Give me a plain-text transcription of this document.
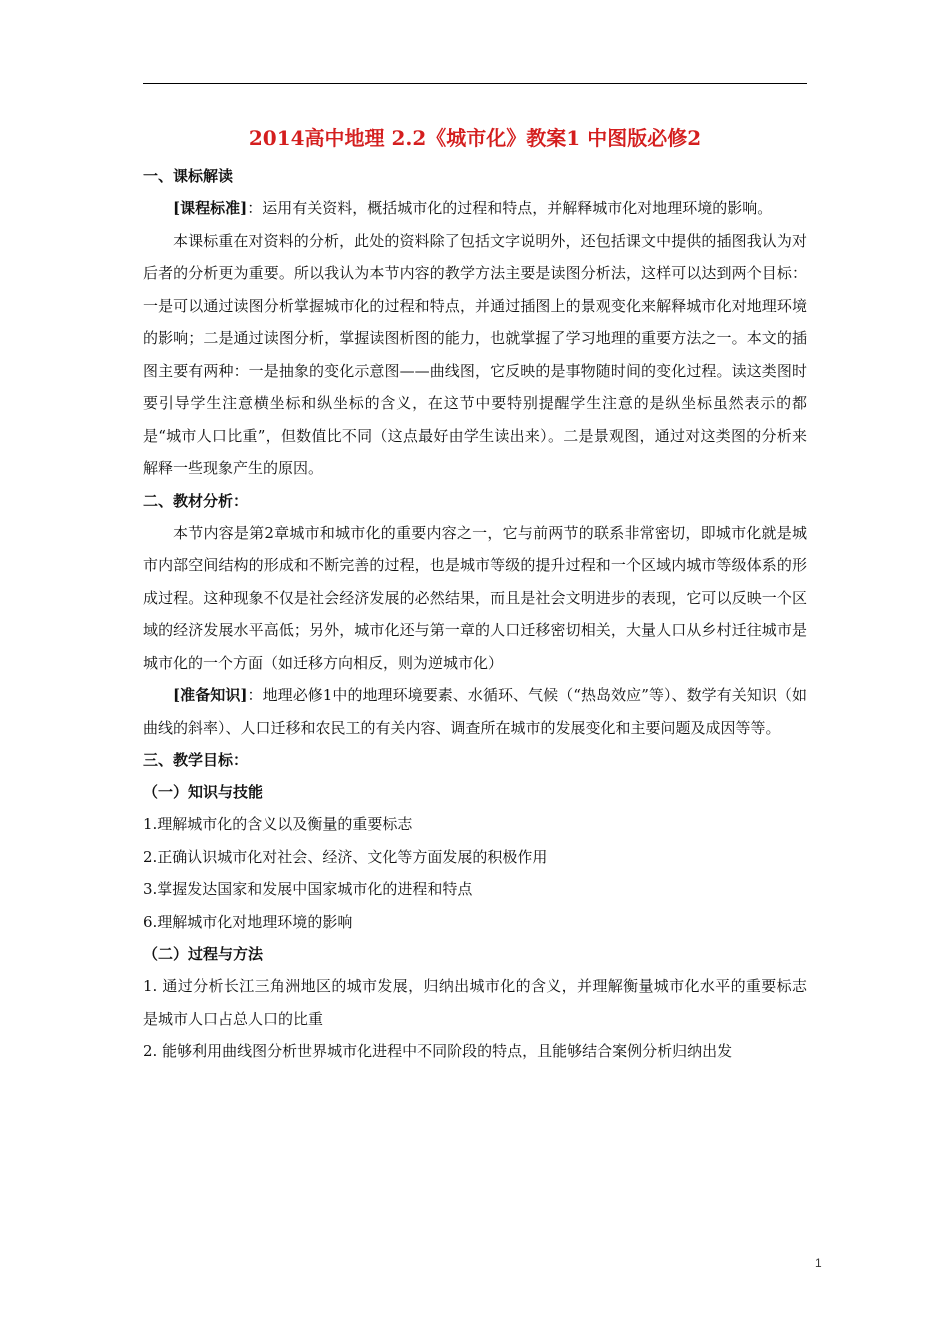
2014高中地理 2.2《城市化》教案1 中图版必修2
一、课标解读

[课程标准]：运用有关资料，概括城市化的过程和特点，并解释城市化对地理环境的影响。

本课标重在对资料的分析，此处的资料除了包括文字说明外，还包括课文中提供的插图我认为对后者的分析更为重要。所以我认为本节内容的教学方法主要是读图分析法，这样可以达到两个目标：一是可以通过读图分析掌握城市化的过程和特点，并通过插图上的景观变化来解释城市化对地理环境的影响；二是通过读图分析，掌握读图析图的能力，也就掌握了学习地理的重要方法之一。本文的插图主要有两种：一是抽象的变化示意图——曲线图，它反映的是事物随时间的变化过程。读这类图时要引导学生注意横坐标和纵坐标的含义，在这节中要特别提醒学生注意的是纵坐标虽然表示的都是“城市人口比重”，但数值比不同（这点最好由学生读出来）。二是景观图，通过对这类图的分析来解释一些现象产生的原因。

二、教材分析：

本节内容是第2章城市和城市化的重要内容之一，它与前两节的联系非常密切，即城市化就是城市内部空间结构的形成和不断完善的过程，也是城市等级的提升过程和一个区域内城市等级体系的形成过程。这种现象不仅是社会经济发展的必然结果，而且是社会文明进步的表现，它可以反映一个区域的经济发展水平高低；另外，城市化还与第一章的人口迁移密切相关，大量人口从乡村迁往城市是城市化的一个方面（如迁移方向相反，则为逆城市化）

[准备知识]：地理必修1中的地理环境要素、水循环、气候（“热岛效应”等）、数学有关知识（如曲线的斜率）、人口迁移和农民工的有关内容、调查所在城市的发展变化和主要问题及成因等等。

三、教学目标：
（一）知识与技能

1.理解城市化的含义以及衡量的重要标志

2.正确认识城市化对社会、经济、文化等方面发展的积极作用

3.掌握发达国家和发展中国家城市化的进程和特点

6.理解城市化对地理环境的影响

（二）过程与方法

1. 通过分析长江三角洲地区的城市发展，归纳出城市化的含义，并理解衡量城市化水平的重要标志是城市人口占总人口的比重

2. 能够利用曲线图分析世界城市化进程中不同阶段的特点，且能够结合案例分析归纳出发

1
